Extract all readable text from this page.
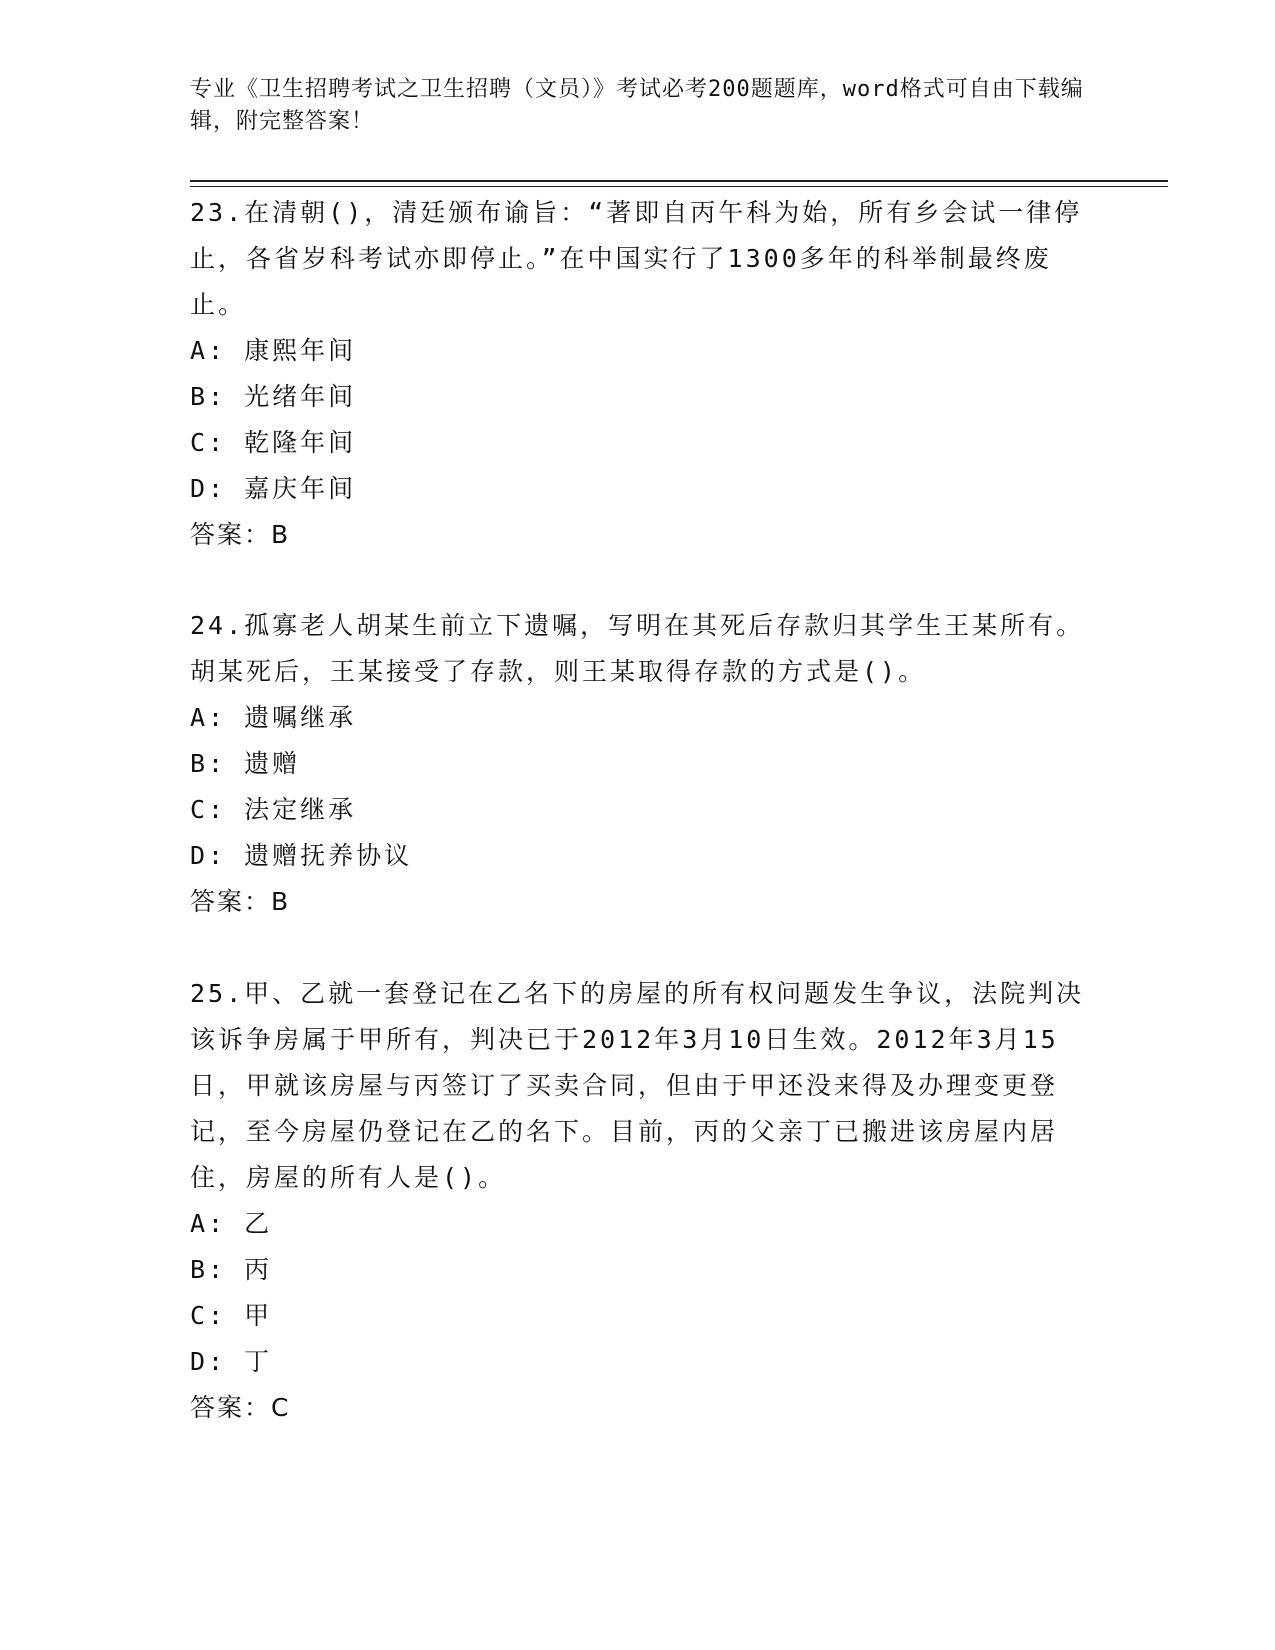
专业《卫生招聘考试之卫生招聘（文员）》考试必考200题题库，word格式可自由下载编辑，附完整答案！
23.在清朝()，清廷颁布谕旨：“著即自丙午科为始，所有乡会试一律停止，各省岁科考试亦即停止。”在中国实行了1300多年的科举制最终废止。
A: 康熙年间
B: 光绪年间
C: 乾隆年间
D: 嘉庆年间
答案：B
24.孤寡老人胡某生前立下遗嘱，写明在其死后存款归其学生王某所有。胡某死后，王某接受了存款，则王某取得存款的方式是()。
A: 遗嘱继承
B: 遗赠
C: 法定继承
D: 遗赠抚养协议
答案：B
25.甲、乙就一套登记在乙名下的房屋的所有权问题发生争议，法院判决该诉争房属于甲所有，判决已于2012年3月10日生效。2012年3月15日，甲就该房屋与丙签订了买卖合同，但由于甲还没来得及办理变更登记，至今房屋仍登记在乙的名下。目前，丙的父亲丁已搬进该房屋内居住，房屋的所有人是()。
A: 乙
B: 丙
C: 甲
D: 丁
答案：C
